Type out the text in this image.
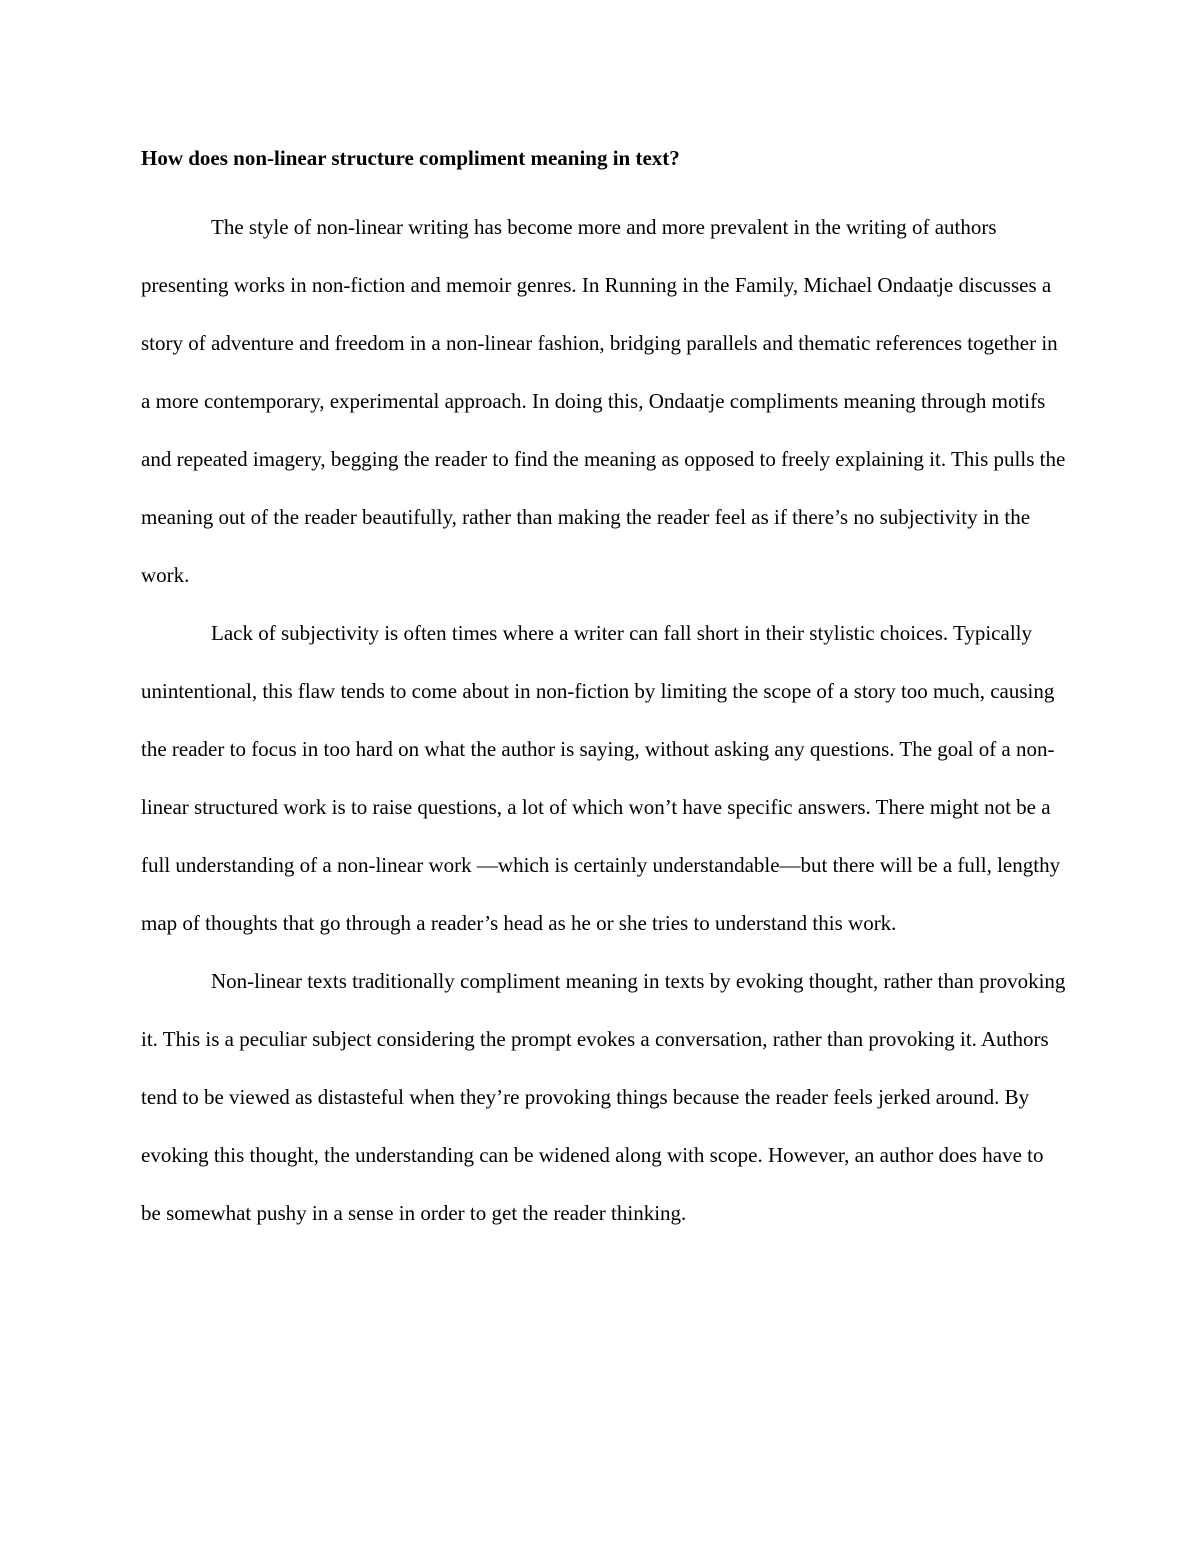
How does non-linear structure compliment meaning in text?

The style of non-linear writing has become more and more prevalent in the writing of authors presenting works in non-fiction and memoir genres. In Running in the Family, Michael Ondaatje discusses a story of adventure and freedom in a non-linear fashion, bridging parallels and thematic references together in a more contemporary, experimental approach. In doing this, Ondaatje compliments meaning through motifs and repeated imagery, begging the reader to find the meaning as opposed to freely explaining it. This pulls the meaning out of the reader beautifully, rather than making the reader feel as if there’s no subjectivity in the work.

Lack of subjectivity is often times where a writer can fall short in their stylistic choices. Typically unintentional, this flaw tends to come about in non-fiction by limiting the scope of a story too much, causing the reader to focus in too hard on what the author is saying, without asking any questions. The goal of a non-linear structured work is to raise questions, a lot of which won’t have specific answers. There might not be a full understanding of a non-linear work —which is certainly understandable—but there will be a full, lengthy map of thoughts that go through a reader’s head as he or she tries to understand this work.

Non-linear texts traditionally compliment meaning in texts by evoking thought, rather than provoking it. This is a peculiar subject considering the prompt evokes a conversation, rather than provoking it. Authors tend to be viewed as distasteful when they’re provoking things because the reader feels jerked around. By evoking this thought, the understanding can be widened along with scope. However, an author does have to be somewhat pushy in a sense in order to get the reader thinking.
